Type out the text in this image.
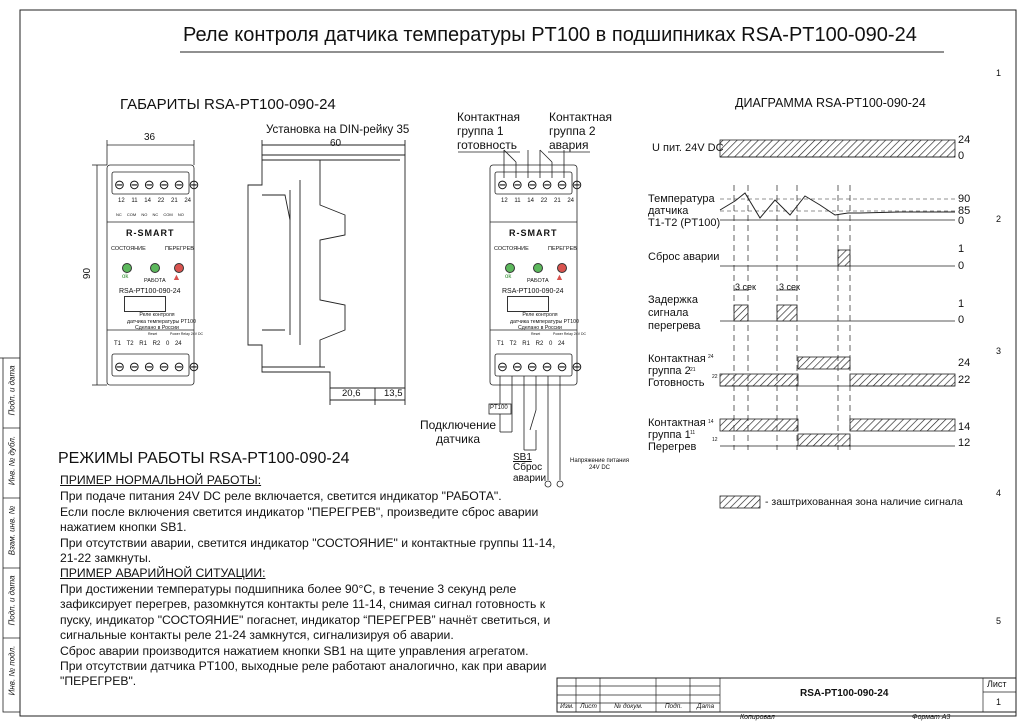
Реле контроля датчика температуры PT100 в подшипниках RSA-PT100-090-24
ГАБАРИТЫ RSA-PT100-090-24
36
90
Установка на DIN-рейку 35
60
20,6 13,5
⊖⊖⊖⊖⊖⊖
12 11 14 22 21 24
NC COM NO NC COM NO
R-SMART
СОСТОЯНИЕ	ПЕРЕГРЕВ
ok
РАБОТА ▲
RSA-PT100-090-24
Реле контроля
датчика температуры PT100
Сделано в России
Power Relay 24V DC
Reset
T1 T2 R1 R2 0 24
⊖⊖⊖⊖⊖⊖
Контактная
группа 1
готовность
Контактная
группа 2
авария
⊖⊖⊖⊖⊖⊖
12 11 14 22 21 24
R-SMART
СОСТОЯНИЕ	ПЕРЕГРЕВ
ok
РАБОТА ▲
RSA-PT100-090-24
Реле контроля
датчика температуры PT100
Сделано в России
Power Relay 24V DC
Reset
T1 T2 R1 R2 0 24
⊖⊖⊖⊖⊖⊖
PT100
Подключение
датчика
SB1
Сброс
аварии
Напряжение питания
24V DC
ДИАГРАММА RSA-PT100-090-24
U пит. 24V DC
24
0
Температура
датчика
T1-T2 (PT100)
90
85
0
Сброс аварии
1
0
Задержка
сигнала
перегрева
3 сек	3 сек
1
0
Контактная
группа 2
Готовность
24
21
22
24
22
Контактная
группа 1
Перегрев
14
11
12
14
12
- заштрихованная зона наличие сигнала
РЕЖИМЫ РАБОТЫ RSA-PT100-090-24
ПРИМЕР НОРМАЛЬНОЙ РАБОТЫ:
При подаче питания 24V DC реле включается, светится индикатор "РАБОТА".
Если после включения светится индикатор "ПЕРЕГРЕВ", произведите сброс аварии
нажатием кнопки SB1.
При отсутствии аварии, светится индикатор "СОСТОЯНИЕ" и контактные группы 11-14,
21-22 замкнуты.
ПРИМЕР АВАРИЙНОЙ СИТУАЦИИ:
При достижении температуры подшипника более 90°С, в течение 3 секунд реле
зафиксирует перегрев, разомкнутся контакты реле 11-14, снимая сигнал готовность к
пуску, индикатор "СОСТОЯНИЕ" погаснет, индикатор “ПЕРЕГРЕВ” начнёт светиться, и
сигнальные контакты реле 21-24 замкнутся, сигнализируя об аварии.
Сброс аварии производится нажатием кнопки SB1 на щите управления агрегатом.
При отсутствии датчика PT100, выходные реле работают аналогично, как при аварии
"ПЕРЕГРЕВ".
Подп. и дата
Инв. № дубл.
Взам. инв. №
Подп. и дата
Инв. № подл.
1
2
3
4
5
Изм. Лист	№ докум.	Подп.	Дата
RSA-PT100-090-24
Лист
1
Копировал	Формат А3
